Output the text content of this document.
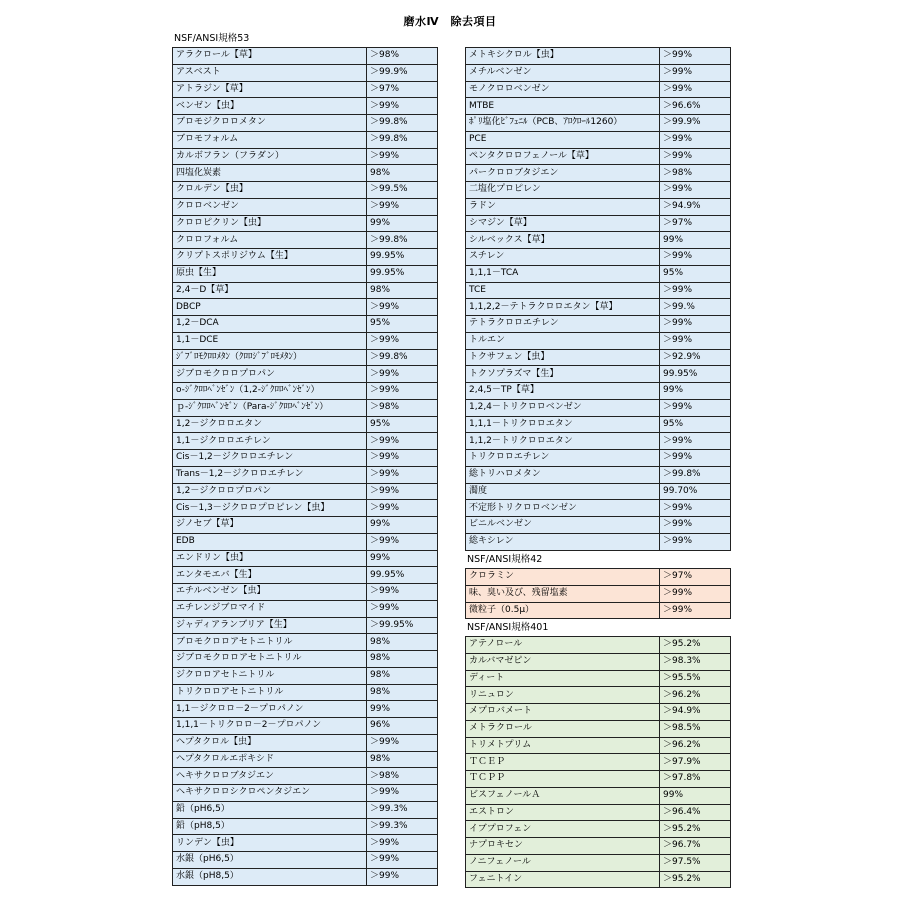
磨水Ⅳ　除去項目
NSF/ANSI規格53
アラクロール【草】	＞98%
アスベスト	＞99.9%
アトラジン【草】	＞97%
ベンゼン【虫】	＞99%
ブロモジクロロメタン	＞99.8%
ブロモフォルム	＞99.8%
カルボフラン（フラダン）	＞99%
四塩化炭素	98%
クロルデン【虫】	＞99.5%
クロロベンゼン	＞99%
クロロピクリン【虫】	99%
クロロフォルム	＞99.8%
クリプトスポリジウム【生】	99.95%
原虫【生】	99.95%
2,4－D【草】	98%
DBCP	＞99%
1,2－DCA	95%
1,1－DCE	＞99%
ｼﾞﾌﾞﾛﾓｸﾛﾛﾒﾀﾝ（ｸﾛﾛｼﾞﾌﾞﾛﾓﾒﾀﾝ）	＞99.8%
ジブロモクロロプロパン	＞99%
o-ｼﾞｸﾛﾛﾍﾞﾝｾﾞﾝ（1,2-ｼﾞｸﾛﾛﾍﾞﾝｾﾞﾝ）	＞99%
ｐ-ｼﾞｸﾛﾛﾍﾞﾝｾﾞﾝ（Para-ｼﾞｸﾛﾛﾍﾞﾝｾﾞﾝ）	＞98%
1,2－ジクロロエタン	95%
1,1－ジクロロエチレン	＞99%
Cis－1,2－ジクロロエチレン	＞99%
Trans－1,2－ジクロロエチレン	＞99%
1,2－ジクロロプロパン	＞99%
Cis－1,3－ジクロロプロピレン【虫】	＞99%
ジノセブ【草】	99%
EDB	＞99%
エンドリン【虫】	99%
エンタモエバ【生】	99.95%
エチルベンゼン【虫】	＞99%
エチレンジブロマイド	＞99%
ジャディアランブリア【生】	＞99.95%
ブロモクロロアセトニトリル	98%
ジブロモクロロアセトニトリル	98%
ジクロロアセトニトリル	98%
トリクロロアセトニトリル	98%
1,1－ジクロロ－2－プロパノン	99%
1,1,1－トリクロロ－2－プロパノン	96%
ヘプタクロル【虫】	＞99%
ヘプタクロルエポキシド	98%
ヘキサクロロブタジエン	＞98%
ヘキサクロロシクロペンタジエン	＞99%
鉛（pH6,5）	＞99.3%
鉛（pH8,5）	＞99.3%
リンデン【虫】	＞99%
水銀（pH6,5）	＞99%
水銀（pH8,5）	＞99%
メトキシクロル【虫】	＞99%
メチルベンゼン	＞99%
モノクロロベンゼン	＞99%
MTBE	＞96.6%
ﾎﾟﾘ塩化ﾋﾞﾌｪﾆﾙ（PCB、ｱﾛｸﾛｰﾙ1260）	＞99.9%
PCE	＞99%
ペンタクロロフェノール【草】	＞99%
パークロロブタジエン	＞98%
二塩化プロピレン	＞99%
ラドン	＞94.9%
シマジン【草】	＞97%
シルベックス【草】	99%
スチレン	＞99%
1,1,1－TCA	95%
TCE	＞99%
1,1,2,2－テトラクロロエタン【草】	＞99.%
テトラクロロエチレン	＞99%
トルエン	＞99%
トクサフェン【虫】	＞92.9%
トクソプラズマ【生】	99.95%
2,4,5－TP【草】	99%
1,2,4－トリクロロベンゼン	＞99%
1,1,1－トリクロロエタン	95%
1,1,2－トリクロロエタン	＞99%
トリクロロエチレン	＞99%
総トリハロメタン	＞99.8%
濁度	99.70%
不定形トリクロロベンゼン	＞99%
ビニルベンゼン	＞99%
総キシレン	＞99%
NSF/ANSI規格42
クロラミン	＞97%
味、臭い及び、残留塩素	＞99%
微粒子（0.5μ）	＞99%
NSF/ANSI規格401
アテノロール	＞95.2%
カルバマゼピン	＞98.3%
ディート	＞95.5%
リニュロン	＞96.2%
メプロバメート	＞94.9%
メトラクロール	＞98.5%
トリメトプリム	＞96.2%
ＴＣＥＰ	＞97.9%
ＴＣＰＰ	＞97.8%
ビスフェノールＡ	99%
エストロン	＞96.4%
イブプロフェン	＞95.2%
ナプロキセン	＞96.7%
ノニフェノール	＞97.5%
フェニトイン	＞95.2%
